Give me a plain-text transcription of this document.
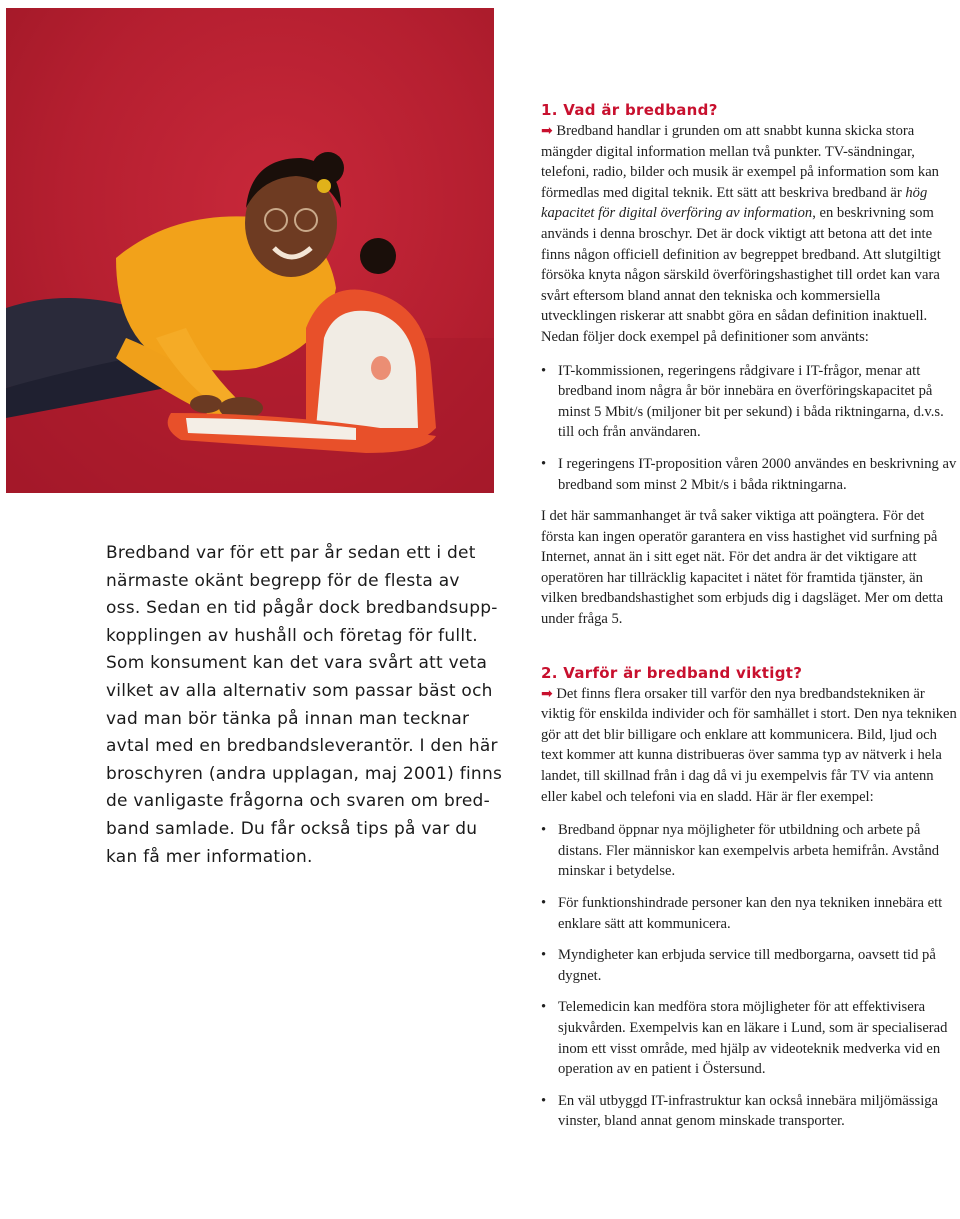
Bredband var för ett par år sedan ett i det
närmaste okänt begrepp för de flesta av
oss. Sedan en tid pågår dock bredbandsupp-
kopplingen av hushåll och företag för fullt.
Som konsument kan det vara svårt att veta
vilket av alla alternativ som passar bäst och
vad man bör tänka på innan man tecknar
avtal med en bredbandsleverantör. I den här
broschyren (andra upplagan, maj 2001) finns
de vanligaste frågorna och svaren om bred-
band samlade. Du får också tips på var du
kan få mer information.
1. Vad är bredband?

➡ Bredband handlar i grunden om att snabbt kunna skicka stora mängder digital information mellan två punkter. TV-sändningar, telefoni, radio, bilder och musik är exempel på information som kan förmedlas med digital teknik. Ett sätt att beskriva bredband är hög kapacitet för digital överföring av information, en beskrivning som används i denna broschyr. Det är dock viktigt att betona att det inte finns någon officiell definition av begreppet bredband. Att slutgiltigt försöka knyta någon särskild överföringshastighet till ordet kan vara svårt eftersom bland annat den tekniska och kommersiella utvecklingen riskerar att snabbt göra en sådan definition inaktuell. Nedan följer dock exempel på definitioner som använts:

• IT-kommissionen, regeringens rådgivare i IT-frågor, menar att bredband inom några år bör innebära en överföringskapacitet på minst 5 Mbit/s (miljoner bit per sekund) i båda riktningarna, d.v.s. till och från användaren.
• I regeringens IT-proposition våren 2000 användes en beskrivning av bredband som minst 2 Mbit/s i båda riktningarna.

I det här sammanhanget är två saker viktiga att poängtera. För det första kan ingen operatör garantera en viss hastighet vid surfning på Internet, annat än i sitt eget nät. För det andra är det viktigare att operatören har tillräcklig kapacitet i nätet för framtida tjänster, än vilken bredbandshastighet som erbjuds dig i dagsläget. Mer om detta under fråga 5.

2. Varför är bredband viktigt?

➡ Det finns flera orsaker till varför den nya bredbandstekniken är viktig för enskilda individer och för samhället i stort. Den nya tekniken gör att det blir billigare och enklare att kommunicera. Bild, ljud och text kommer att kunna distribueras över samma typ av nätverk i hela landet, till skillnad från i dag då vi ju exempelvis får TV via antenn eller kabel och telefoni via en sladd. Här är fler exempel:

• Bredband öppnar nya möjligheter för utbildning och arbete på distans. Fler människor kan exempelvis arbeta hemifrån. Avstånd minskar i betydelse.
• För funktionshindrade personer kan den nya tekniken innebära ett enklare sätt att kommunicera.
• Myndigheter kan erbjuda service till medborgarna, oavsett tid på dygnet.
• Telemedicin kan medföra stora möjligheter för att effektivisera sjukvården. Exempelvis kan en läkare i Lund, som är specialiserad inom ett visst område, med hjälp av videoteknik medverka vid en operation av en patient i Östersund.
• En väl utbyggd IT-infrastruktur kan också innebära miljömässiga vinster, bland annat genom minskade transporter.
